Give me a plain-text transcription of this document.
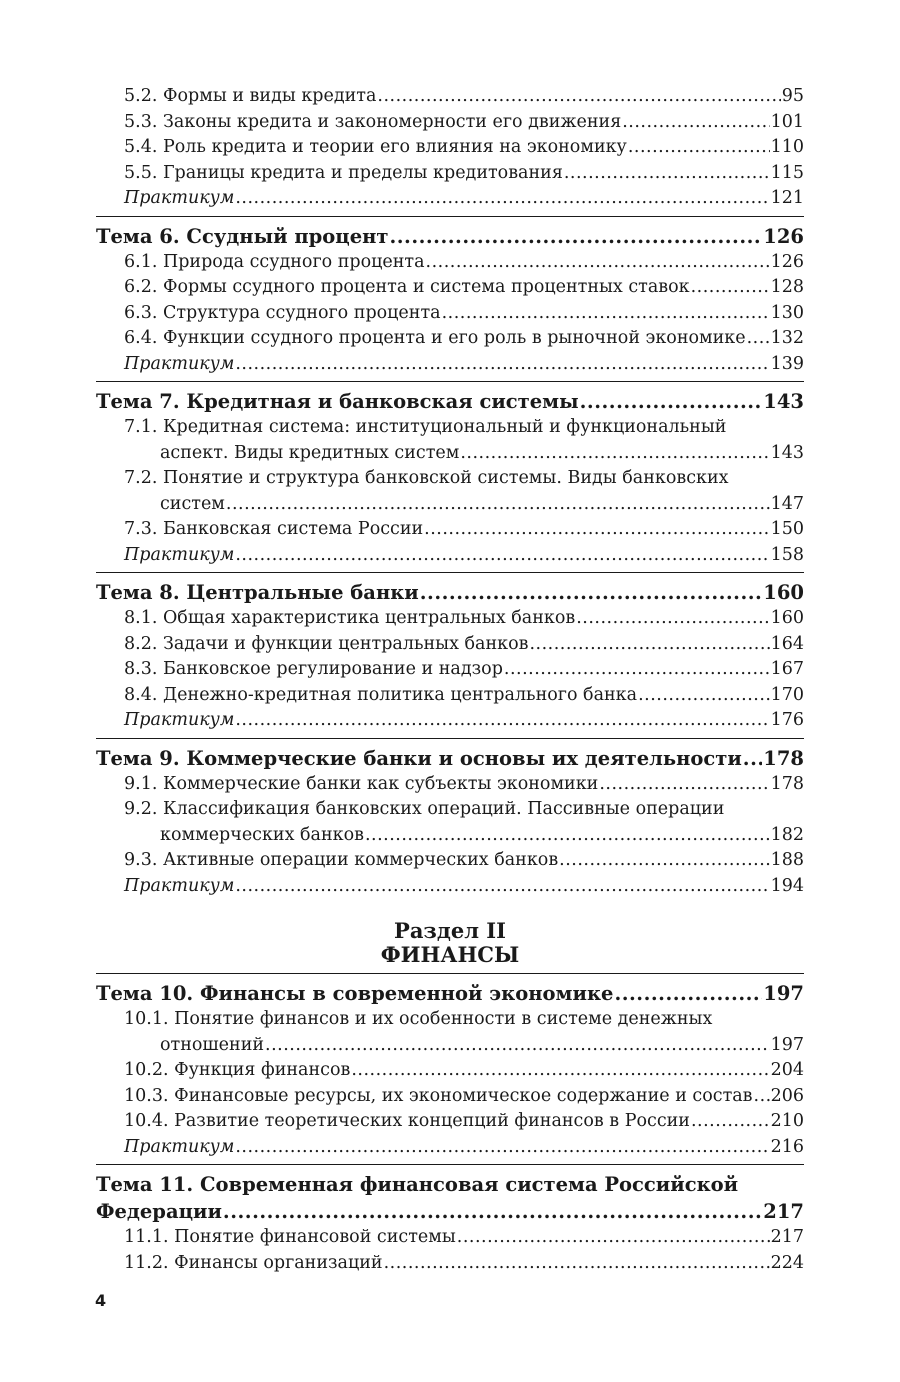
5.2. Формы и виды кредита .....	95
5.3. Законы кредита и закономерности его движения .....	101
5.4. Роль кредита и теории его влияния на экономику .....	110
5.5. Границы кредита и пределы кредитования .....	115
Практикум .....	121
Тема 6. Ссудный процент .....	126
6.1. Природа ссудного процента .....	126
6.2. Формы ссудного процента и система процентных ставок .....	128
6.3. Структура ссудного процента .....	130
6.4. Функции ссудного процента и его роль в рыночной экономике ..... 132
Практикум .....	139
Тема 7. Кредитная и банковская системы .....	143
7.1. Кредитная система: институциональный и функциональный
аспект. Виды кредитных систем .....	143
7.2. Понятие и структура банковской системы. Виды банковских
систем .....	147
7.3. Банковская система России .....	150
Практикум .....	158
Тема 8. Центральные банки .....	160
8.1. Общая характеристика центральных банков .....	160
8.2. Задачи и функции центральных банков .....	164
8.3. Банковское регулирование и надзор .....	167
8.4. Денежно-кредитная политика центрального банка .....	170
Практикум .....	176
Тема 9. Коммерческие банки и основы их деятельности ..... 178
9.1. Коммерческие банки как субъекты экономики .....	178
9.2. Классификация банковских операций. Пассивные операции
коммерческих банков .....	182
9.3. Активные операции коммерческих банков .....	188
Практикум .....	194
Раздел II
ФИНАНСЫ
Тема 10. Финансы в современной экономике .....	197
10.1. Понятие финансов и их особенности в системе денежных
отношений .....	197
10.2. Функция финансов .....	204
10.3. Финансовые ресурсы, их экономическое содержание и состав ..... 206
10.4. Развитие теоретических концепций финансов в России .....	210
Практикум .....	216
Тема 11. Современная финансовая система Российской
Федерации .....	217
11.1. Понятие финансовой системы .....	217
11.2. Финансы организаций .....	224
4
